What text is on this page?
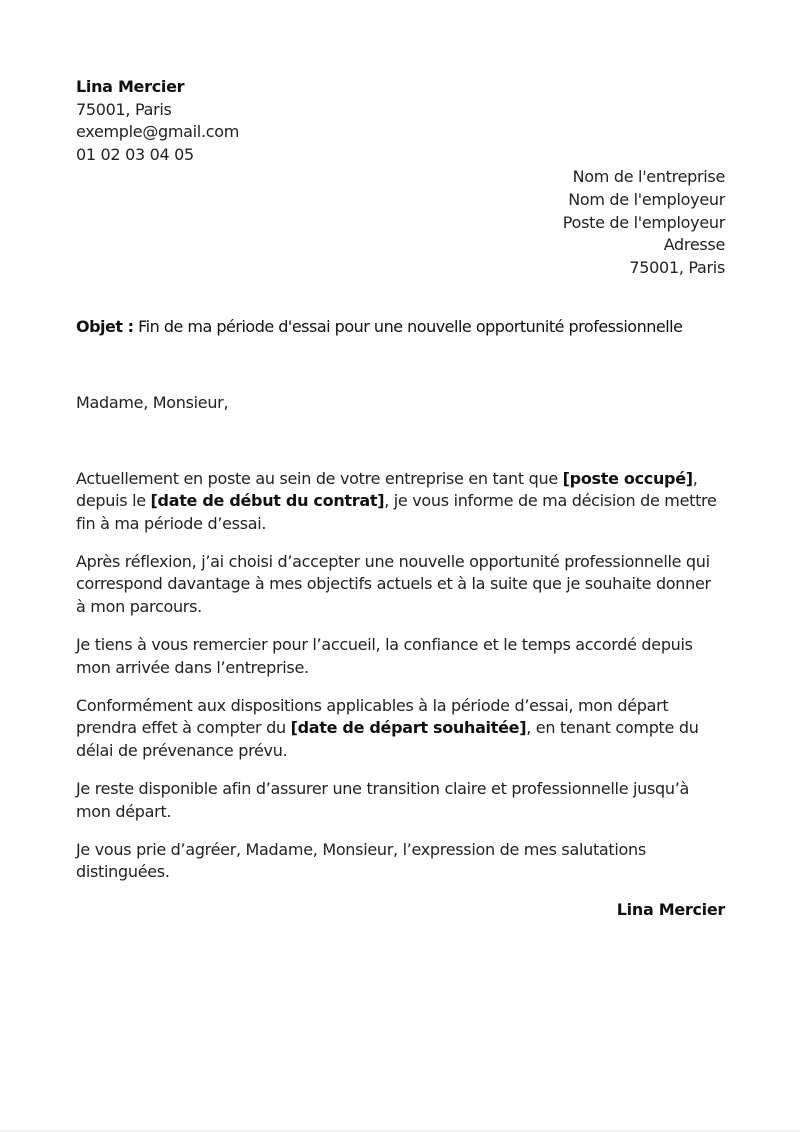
Lina Mercier
75001, Paris
exemple@gmail.com
01 02 03 04 05
Nom de l'entreprise
Nom de l'employeur
Poste de l'employeur
Adresse
75001, Paris
Objet : Fin de ma période d'essai pour une nouvelle opportunité professionnelle
Madame, Monsieur,

Actuellement en poste au sein de votre entreprise en tant que [poste occupé], depuis le [date de début du contrat], je vous informe de ma décision de mettre fin à ma période d’essai.

Après réflexion, j’ai choisi d’accepter une nouvelle opportunité professionnelle qui correspond davantage à mes objectifs actuels et à la suite que je souhaite donner à mon parcours.

Je tiens à vous remercier pour l’accueil, la confiance et le temps accordé depuis mon arrivée dans l’entreprise.

Conformément aux dispositions applicables à la période d’essai, mon départ prendra effet à compter du [date de départ souhaitée], en tenant compte du délai de prévenance prévu.

Je reste disponible afin d’assurer une transition claire et professionnelle jusqu’à mon départ.

Je vous prie d’agréer, Madame, Monsieur, l’expression de mes salutations distinguées.

Lina Mercier
